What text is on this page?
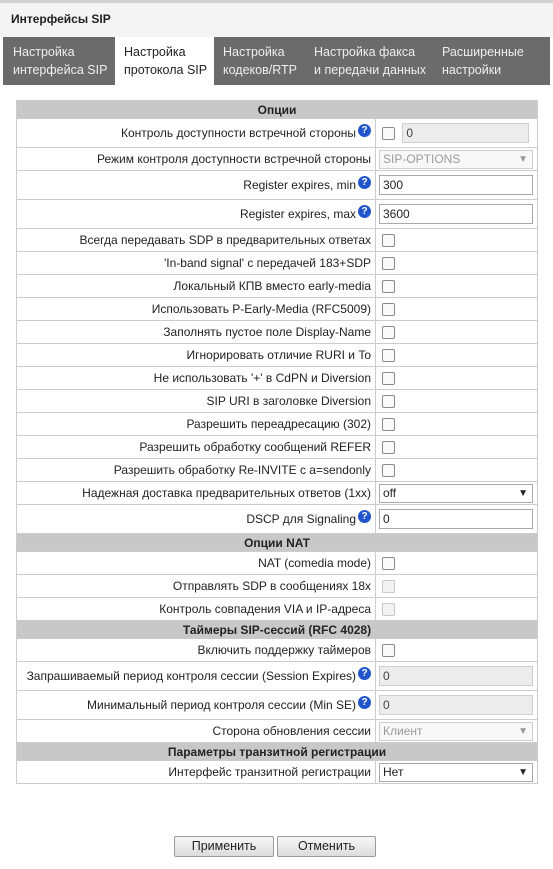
Интерфейсы SIP
Настройка
интерфейса SIP
Настройка
протокола SIP
Настройка
кодеков/RTP
Настройка факса
и передачи данных
Расширенные
настройки
Опции	
Контроль доступности встречной стороны ?	0
Режим контроля доступности встречной стороны	SIP-OPTIONS ▼

Register expires, min ?	300
Register expires, max ?	3600
Всегда передавать SDP в предварительных ответах	
'In-band signal' с передачей 183+SDP	
Локальный КПВ вместо early-media	
Использовать P-Early-Media (RFC5009)	
Заполнять пустое поле Display-Name	
Игнорировать отличие RURI и To	
Не использовать '+' в CdPN и Diversion	
SIP URI в заголовке Diversion	
Разрешить переадресацию (302)	
Разрешить обработку сообщений REFER	
Разрешить обработку Re-INVITE с a=sendonly	
Надежная доставка предварительных ответов (1xx)	off ▼

DSCP для Signaling ?	0
Опции NAT	
NAT (comedia mode)	
Отправлять SDP в сообщениях 18х	
Контроль совпадения VIA и IP-адреса	
Таймеры SIP-сессий (RFC 4028)	
Включить поддержку таймеров	
Запрашиваемый период контроля сессии (Session Expires) ?	0
Минимальный период контроля сессии (Min SE) ?	0
Сторона обновления сессии	Клиент ▼

Параметры транзитной регистрации	
Интерфейс транзитной регистрации	Нет ▼
Применить	Отменить
